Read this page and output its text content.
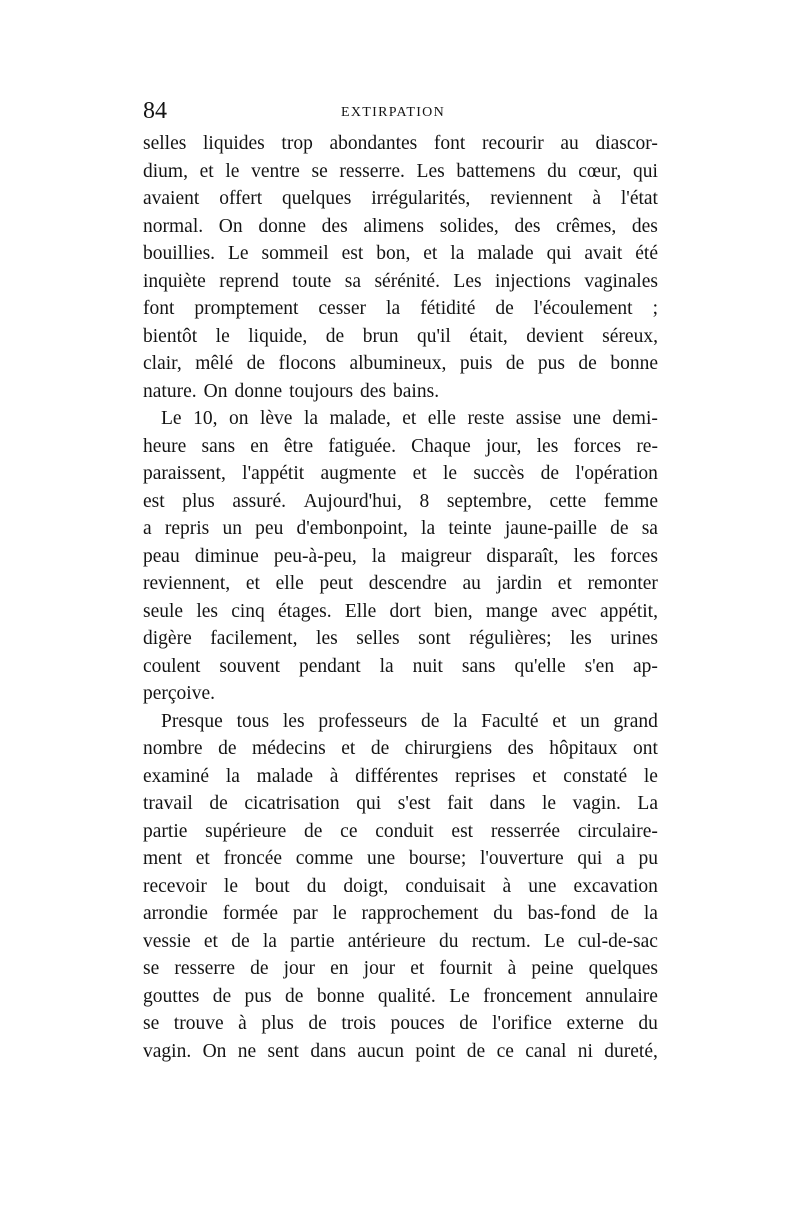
84	EXTIRPATION
selles liquides trop abondantes font recourir au diascor-
dium, et le ventre se resserre. Les battemens du cœur, qui
avaient offert quelques irrégularités, reviennent à l'état
normal. On donne des alimens solides, des crêmes, des
bouillies. Le sommeil est bon, et la malade qui avait été
inquiète reprend toute sa sérénité. Les injections vaginales
font promptement cesser la fétidité de l'écoulement ;
bientôt le liquide, de brun qu'il était, devient séreux,
clair, mêlé de flocons albumineux, puis de pus de bonne
nature. On donne toujours des bains.
Le 10, on lève la malade, et elle reste assise une demi-
heure sans en être fatiguée. Chaque jour, les forces re-
paraissent, l'appétit augmente et le succès de l'opération
est plus assuré. Aujourd'hui, 8 septembre, cette femme
a repris un peu d'embonpoint, la teinte jaune-paille de sa
peau diminue peu-à-peu, la maigreur disparaît, les forces
reviennent, et elle peut descendre au jardin et remonter
seule les cinq étages. Elle dort bien, mange avec appétit,
digère facilement, les selles sont régulières; les urines
coulent souvent pendant la nuit sans qu'elle s'en ap-
perçoive.
Presque tous les professeurs de la Faculté et un grand
nombre de médecins et de chirurgiens des hôpitaux ont
examiné la malade à différentes reprises et constaté le
travail de cicatrisation qui s'est fait dans le vagin. La
partie supérieure de ce conduit est resserrée circulaire-
ment et froncée comme une bourse; l'ouverture qui a pu
recevoir le bout du doigt, conduisait à une excavation
arrondie formée par le rapprochement du bas-fond de la
vessie et de la partie antérieure du rectum. Le cul-de-sac
se resserre de jour en jour et fournit à peine quelques
gouttes de pus de bonne qualité. Le froncement annulaire
se trouve à plus de trois pouces de l'orifice externe du
vagin. On ne sent dans aucun point de ce canal ni dureté,
